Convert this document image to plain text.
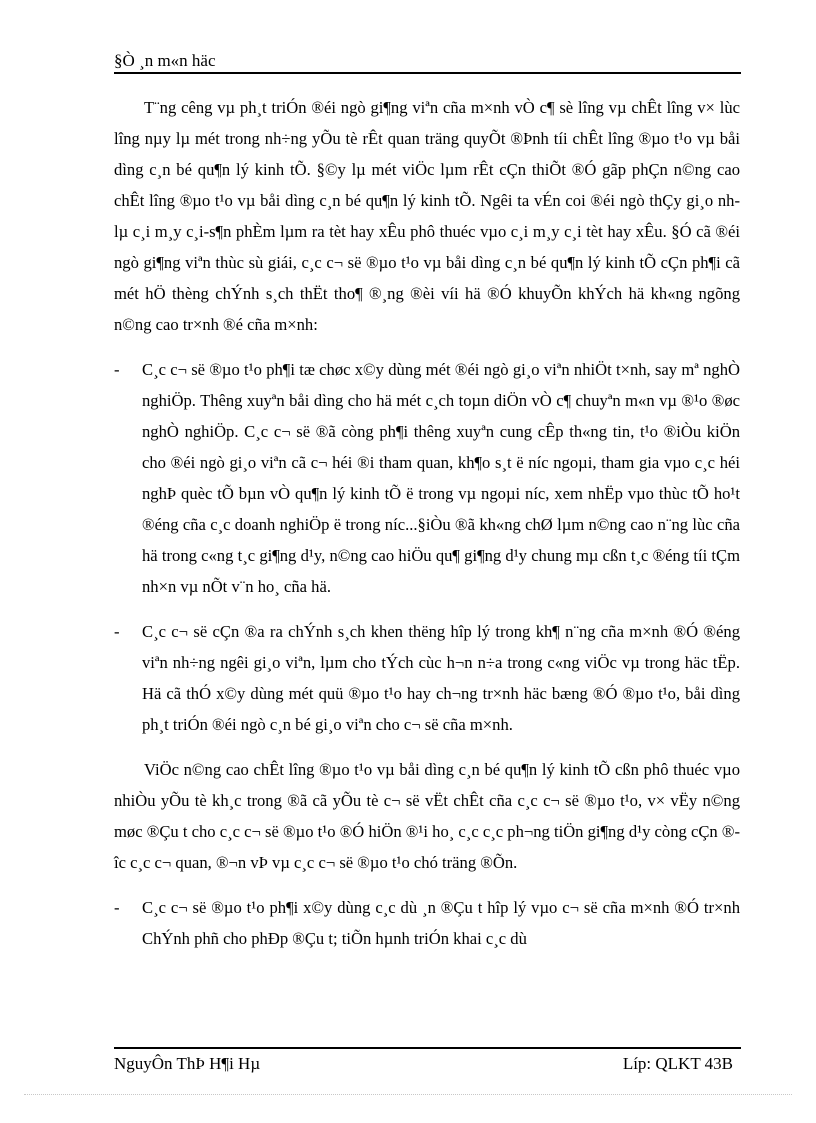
§Ò ¸n m«n häc

T¨ng cêng vµ ph¸t triÓn ®éi ngò gi¶ng viªn cña m×nh vÒ c¶ sè lîng vµ chÊt lîng v× lùc lîng nµy lµ mét trong nh÷ng yÕu tè rÊt quan träng quyÕt ®Þnh tíi chÊt lîng ®µo t¹o vµ båi dìng c¸n bé qu¶n lý kinh tÕ. §©y lµ mét viÖc lµm rÊt cÇn thiÕt ®Ó gãp phÇn n©ng cao chÊt lîng ®µo t¹o vµ båi dìng c¸n bé qu¶n lý kinh tÕ. Ngêi ta vÉn coi ®éi ngò thÇy gi¸o nh lµ c¸i m¸y c¸i-s¶n phÈm lµm ra tèt hay xÊu phô thuéc vµo c¸i m¸y c¸i tèt hay xÊu. §Ó cã ®éi ngò gi¶ng viªn thùc sù giái, c¸c c¬ së ®µo t¹o vµ båi dìng c¸n bé qu¶n lý kinh tÕ cÇn ph¶i cã mét hÖ thèng chÝnh s¸ch thËt tho¶ ®¸ng ®èi víi hä ®Ó khuyÕn khÝch hä kh«ng ngõng n©ng cao tr×nh ®é cña m×nh:

- C¸c c¬ së ®µo t¹o ph¶i tæ chøc x©y dùng mét ®éi ngò gi¸o viªn nhiÖt t×nh, say mª nghÒ nghiÖp. Thêng xuyªn båi dìng cho hä mét c¸ch toµn diÖn vÒ c¶ chuyªn m«n vµ ®¹o ®øc nghÒ nghiÖp. C¸c c¬ së ®ã còng ph¶i thêng xuyªn cung cÊp th«ng tin, t¹o ®iÒu kiÖn cho ®éi ngò gi¸o viªn cã c¬ héi ®i tham quan, kh¶o s¸t ë níc ngoµi, tham gia vµo c¸c héi nghÞ quèc tÕ bµn vÒ qu¶n lý kinh tÕ ë trong vµ ngoµi níc, xem nhËp vµo thùc tÕ ho¹t ®éng cña c¸c doanh nghiÖp ë trong níc...§iÒu ®ã kh«ng chØ lµm n©ng cao n¨ng lùc cña hä trong c«ng t¸c gi¶ng d¹y, n©ng cao hiÖu qu¶ gi¶ng d¹y chung mµ cßn t¸c ®éng tíi tÇm nh×n vµ nÕt v¨n ho¸ cña hä.
- C¸c c¬ së cÇn ®a ra chÝnh s¸ch khen thëng hîp lý trong kh¶ n¨ng cña m×nh ®Ó ®éng viªn nh÷ng ngêi gi¸o viªn, lµm cho tÝch cùc h¬n n÷a trong c«ng viÖc vµ trong häc tËp. Hä cã thÓ x©y dùng mét quü ®µo t¹o hay ch¬ng tr×nh häc bæng ®Ó ®µo t¹o, båi dìng ph¸t triÓn ®éi ngò c¸n bé gi¸o viªn cho c¬ së cña m×nh.

ViÖc n©ng cao chÊt lîng ®µo t¹o vµ båi dìng c¸n bé qu¶n lý kinh tÕ cßn phô thuéc vµo nhiÒu yÕu tè kh¸c trong ®ã cã yÕu tè c¬ së vËt chÊt cña c¸c c¬ së ®µo t¹o, v× vËy n©ng møc ®Çu t cho c¸c c¬ së ®µo t¹o ®Ó hiÖn ®¹i ho¸ c¸c c¸c ph¬ng tiÖn gi¶ng d¹y còng cÇn ®îc c¸c c¬ quan, ®¬n vÞ vµ c¸c c¬ së ®µo t¹o chó träng ®Õn.

- C¸c c¬ së ®µo t¹o ph¶i x©y dùng c¸c dù ¸n ®Çu t hîp lý vµo c¬ së cña m×nh ®Ó tr×nh ChÝnh phñ cho phÐp ®Çu t; tiÕn hµnh triÓn khai c¸c dù
NguyÔn ThÞ H¶i Hµ	Líp: QLKT 43B
